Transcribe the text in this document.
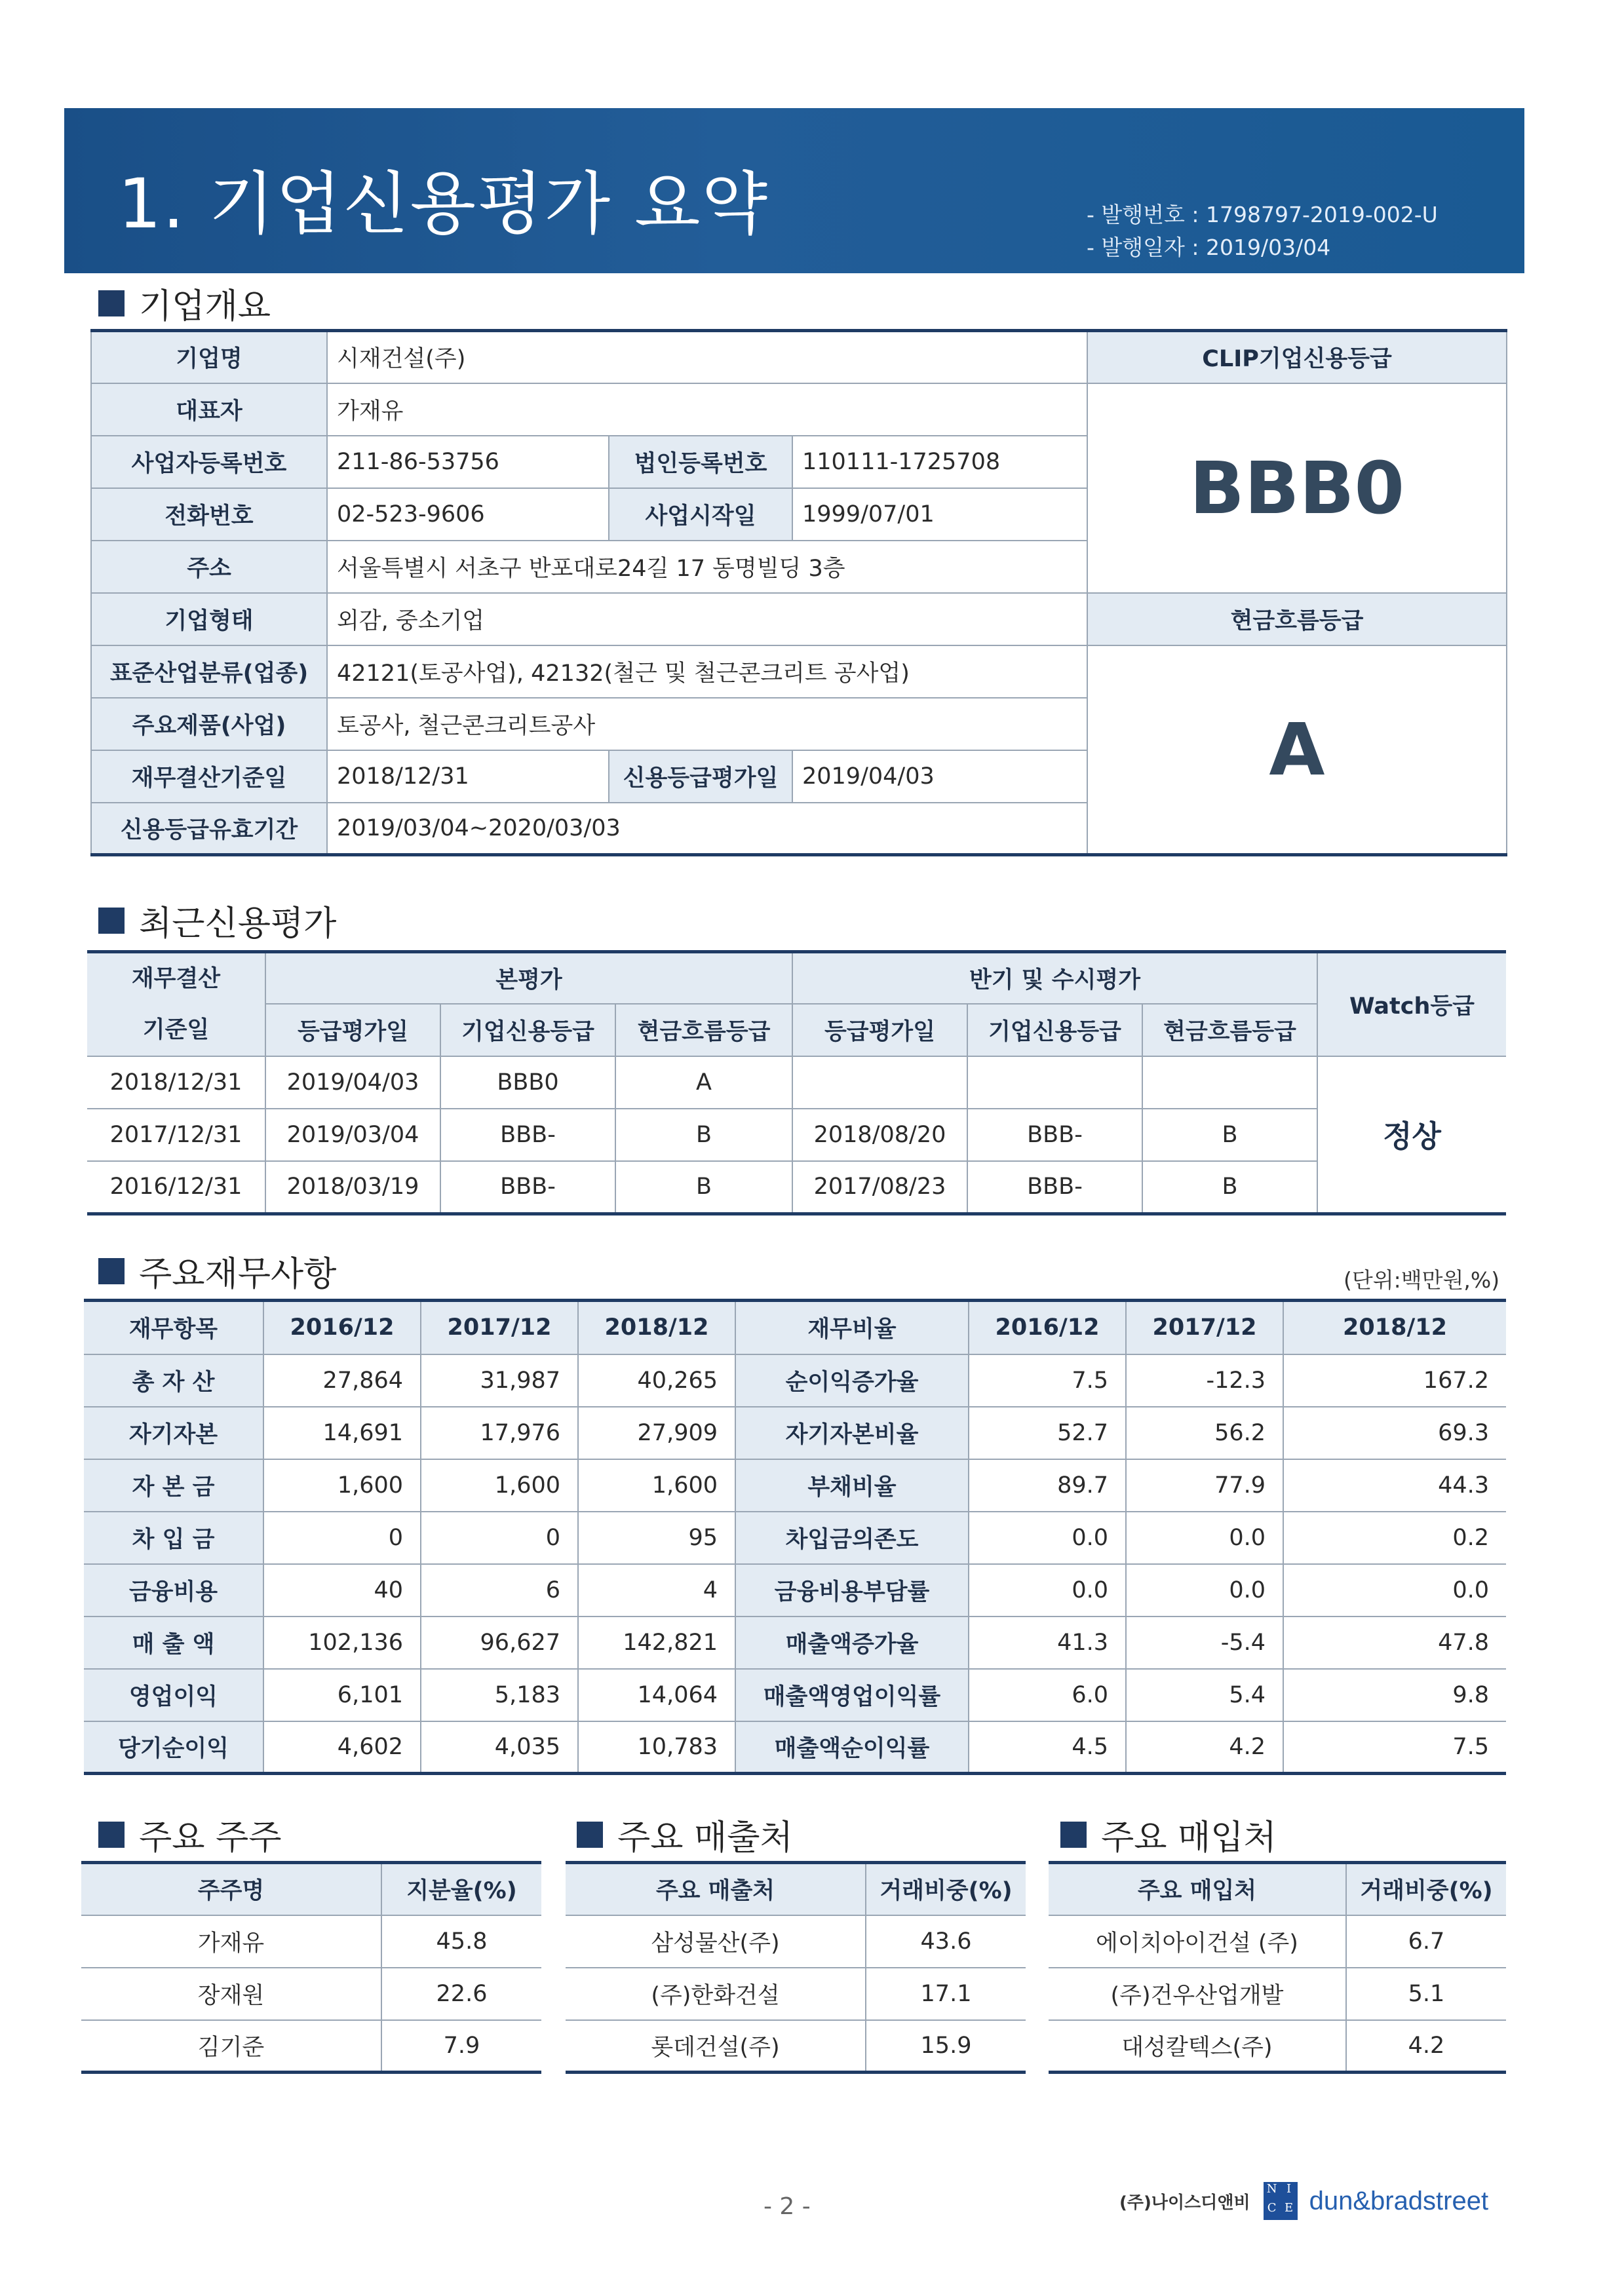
1. 기업신용평가 요약	- 발행번호 : 1798797-2019-002-U
- 발행일자 : 2019/03/04
기업개요
기업명	시재건설(주)		
대표자	가재유		
사업자등록번호	211-86-53756	법인등록번호	110111-1725708
전화번호	02-523-9606	사업시작일	1999/07/01
주소	서울특별시 서초구 반포대로24길 17 동명빌딩 3층		
기업형태	외감, 중소기업		
표준산업분류(업종)	42121(토공사업), 42132(철근 및 철근콘크리트 공사업)		
주요제품(사업)	토공사, 철근콘크리트공사		
재무결산기준일	2018/12/31	신용등급평가일	2019/04/03
신용등급유효기간	2019/03/04~2020/03/03		
CLIP기업신용등급
BBB0
현금흐름등급
A
최근신용평가
재무결산
기준일	본평가			반기 및 수시평가			Watch등급
	등급평가일	기업신용등급	현금흐름등급	등급평가일	기업신용등급	현금흐름등급	
2018/12/31	2019/04/03	BBB0	A				정상
2017/12/31	2019/03/04	BBB-	B	2018/08/20	BBB-	B	
2016/12/31	2018/03/19	BBB-	B	2017/08/23	BBB-	B	
주요재무사항	(단위:백만원,%)
재무항목	2016/12	2017/12	2018/12	재무비율	2016/12	2017/12	2018/12
총 자 산	27,864	31,987	40,265	순이익증가율	7.5	-12.3	167.2
자기자본	14,691	17,976	27,909	자기자본비율	52.7	56.2	69.3
자 본 금	1,600	1,600	1,600	부채비율	89.7	77.9	44.3
차 입 금	0	0	95	차입금의존도	0.0	0.0	0.2
금융비용	40	6	4	금융비용부담률	0.0	0.0	0.0
매 출 액	102,136	96,627	142,821	매출액증가율	41.3	-5.4	47.8
영업이익	6,101	5,183	14,064	매출액영업이익률	6.0	5.4	9.8
당기순이익	4,602	4,035	10,783	매출액순이익률	4.5	4.2	7.5
주요 주주
주주명	지분율(%)
가재유	45.8
장재원	22.6
김기준	7.9
주요 매출처
주요 매출처	거래비중(%)
삼성물산(주)	43.6
(주)한화건설	17.1
롯데건설(주)	15.9
주요 매입처
주요 매입처	거래비중(%)
에이치아이건설 (주)	6.7
(주)건우산업개발	5.1
대성칼텍스(주)	4.2
- 2 -	(주)나이스디앤비
N I
C E dun&bradstreet
